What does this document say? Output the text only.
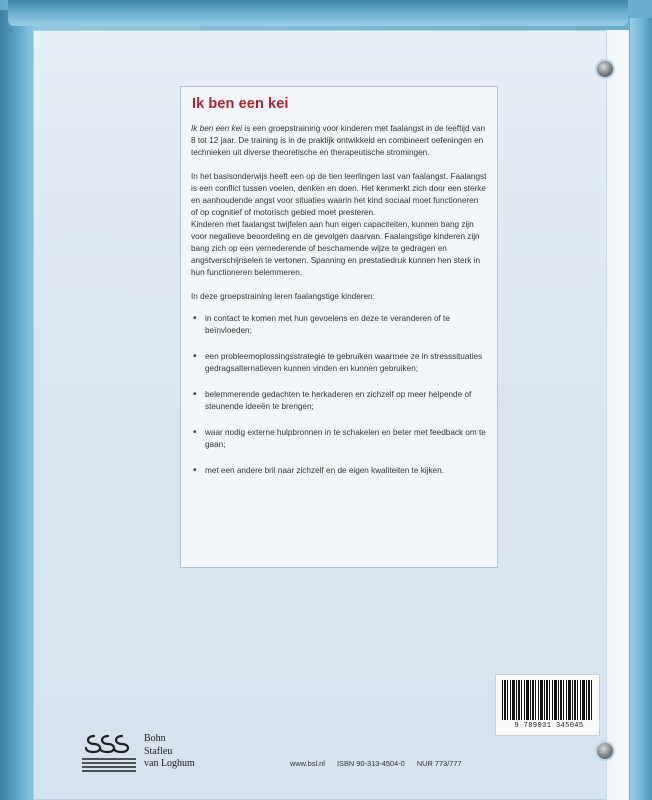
Ik ben een kei

Ik ben een kei is een groepstraining voor kinderen met faalangst in de leeftijd van 8 tot 12 jaar. De training is in de praktijk ontwikkeld en combineert oefeningen en technieken uit diverse theoretische en therapeutische stromingen.

In het basisonderwijs heeft een op de tien leerlingen last van faalangst. Faalangst is een conflict tussen voelen, denken en doen. Het kenmerkt zich door een sterke en aanhoudende angst voor situaties waarin het kind sociaal moet functioneren of op cognitief of motorisch gebied moet presteren.

Kinderen met faalangst twijfelen aan hun eigen capaciteiten, kunnen bang zijn voor negatieve beoordeling en de gevolgen daarvan. Faalangstige kinderen zijn bang zich op een vernederende of beschamende wijze te gedragen en angstverschijnselen te vertonen. Spanning en prestatiedruk kunnen hen sterk in hun functioneren belemmeren.

In deze groepstraining leren faalangstige kinderen:

• in contact te komen met hun gevoelens en deze te veranderen of te beïnvloeden;
• een probleemoplossingsstrategie te gebruiken waarmee ze in stresssituaties gedragsalternatieven kunnen vinden en kunnen gebruiken;
• belemmerende gedachten te herkaderen en zichzelf op meer helpende of steunende ideeën te brengen;
• waar nodig externe hulpbronnen in te schakelen en beter met feedback om te gaan;
• met een andere bril naar zichzelf en de eigen kwaliteiten te kijken.
9 789031 345045
Bohn
Stafleu
van Loghum	www.bsl.nl ISBN 90-313-4504-0 NUR 773/777
